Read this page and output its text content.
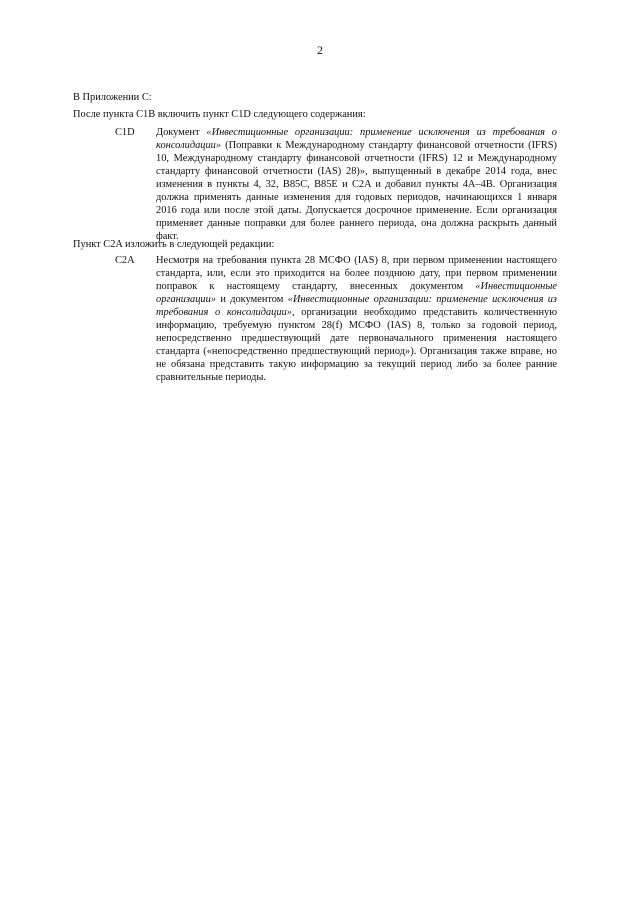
2
В Приложении C:
После пункта C1B включить пункт C1D следующего содержания:
C1D Документ «Инвестиционные организации: применение исключения из требования о консолидации» (Поправки к Международному стандарту финансовой отчетности (IFRS) 10, Международному стандарту финансовой отчетности (IFRS) 12 и Международному стандарту финансовой отчетности (IAS) 28)», выпущенный в декабре 2014 года, внес изменения в пункты 4, 32, B85C, B85E и C2A и добавил пункты 4A–4B. Организация должна применять данные изменения для годовых периодов, начинающихся 1 января 2016 года или после этой даты. Допускается досрочное применение. Если организация применяет данные поправки для более раннего периода, она должна раскрыть данный факт.
Пункт C2A изложить в следующей редакции:
C2A Несмотря на требования пункта 28 МСФО (IAS) 8, при первом применении настоящего стандарта, или, если это приходится на более позднюю дату, при первом применении поправок к настоящему стандарту, внесенных документом «Инвестиционные организации» и документом «Инвестиционные организации: применение исключения из требования о консолидации», организации необходимо представить количественную информацию, требуемую пунктом 28(f) МСФО (IAS) 8, только за годовой период, непосредственно предшествующий дате первоначального применения настоящего стандарта («непосредственно предшествующий период»). Организация также вправе, но не обязана представить такую информацию за текущий период либо за более ранние сравнительные периоды.
